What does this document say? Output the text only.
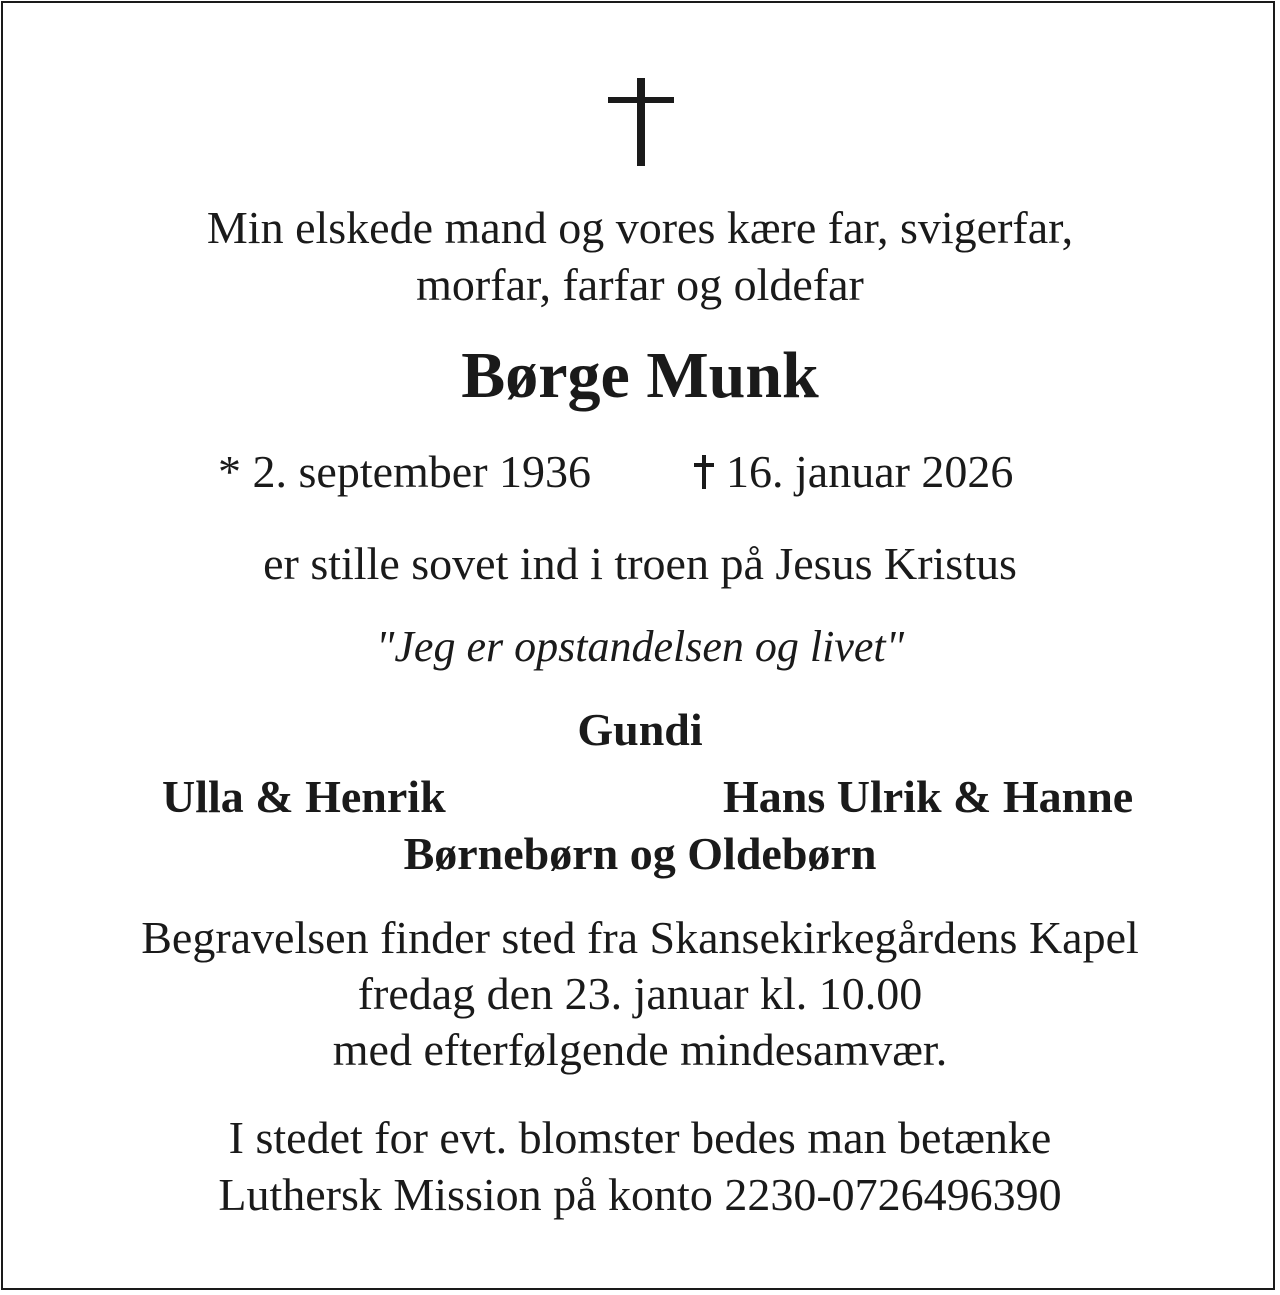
Min elskede mand og vores kære far, svigerfar,

morfar, farfar og oldefar

Børge Munk

* 2. september 1936	16. januar 2026

er stille sovet ind i troen på Jesus Kristus

"Jeg er opstandelsen og livet"

Gundi

Ulla & Henrik	Hans Ulrik & Hanne

Børnebørn og Oldebørn

Begravelsen finder sted fra Skansekirkegårdens Kapel

fredag den 23. januar kl. 10.00

med efterfølgende mindesamvær.

I stedet for evt. blomster bedes man betænke

Luthersk Mission på konto 2230-0726496390
